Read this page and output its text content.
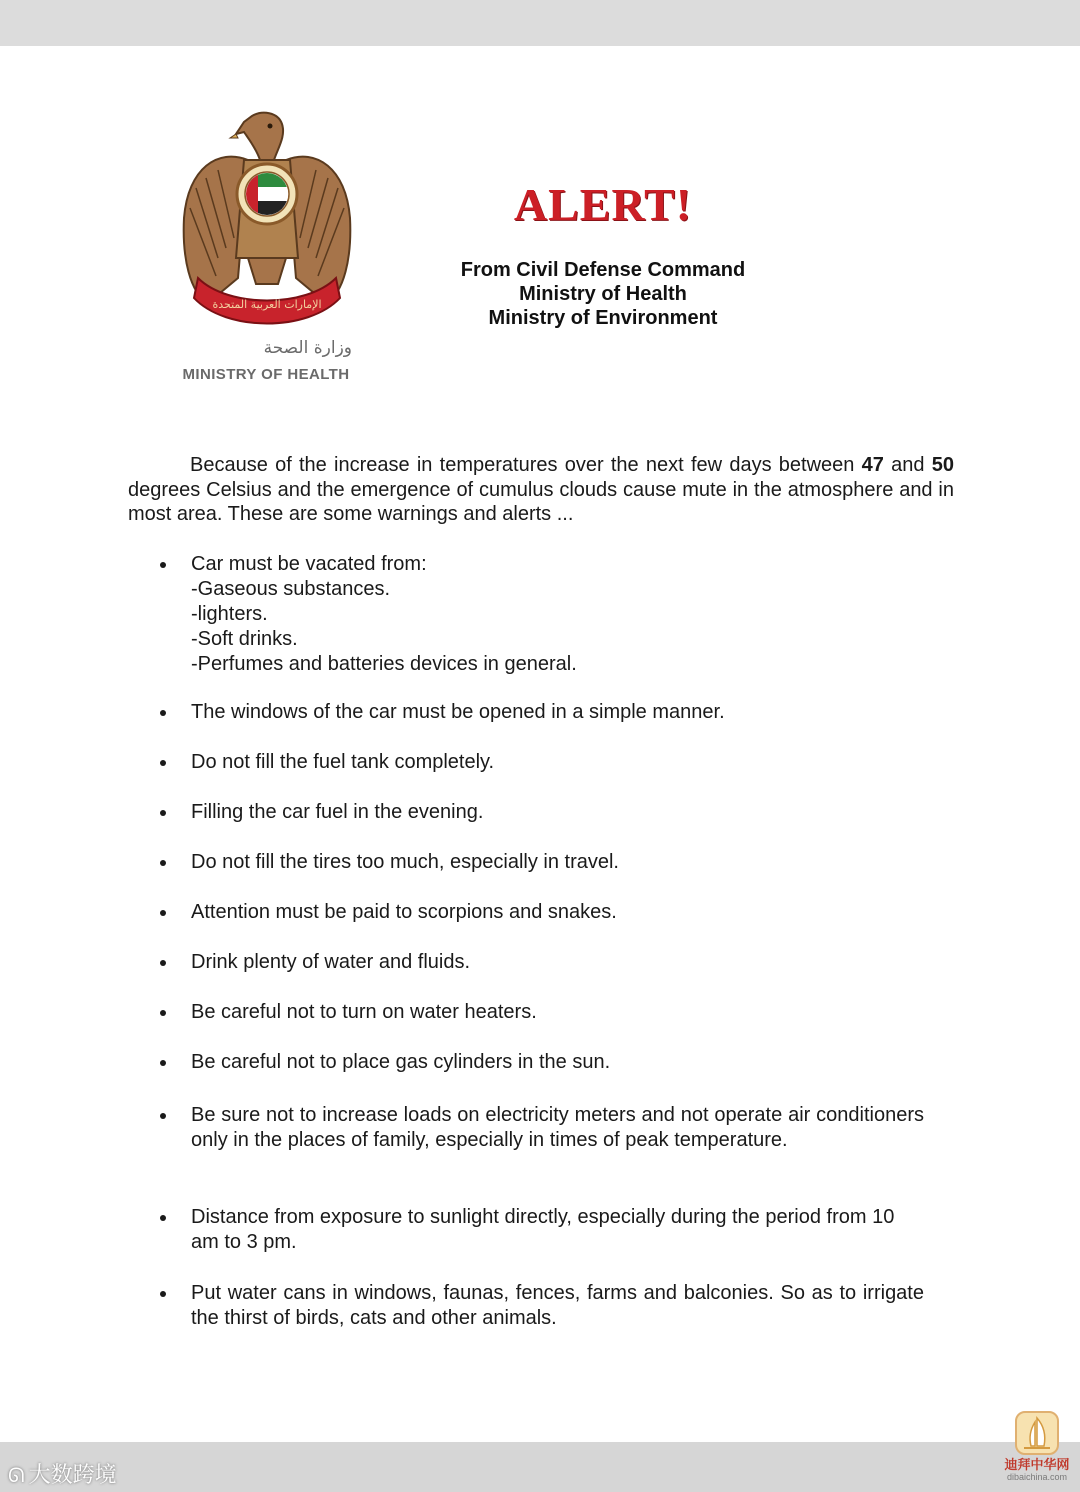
الإمارات العربية المتحدة
وزارة الصحة
MINISTRY OF HEALTH
ALERT!
From Civil Defense Command
Ministry of Health
Ministry of Environment
Because of the increase in temperatures over the next few days between 47 and 50 degrees Celsius and the emergence of cumulus clouds cause mute in the atmosphere and in most area. These are some warnings and alerts ...
Car must be vacated from:
-Gaseous substances.
-lighters.
-Soft drinks.
-Perfumes and batteries devices in general.
The windows of the car must be opened in a simple manner.
Do not fill the fuel tank completely.
Filling the car fuel in the evening.
Do not fill the tires too much, especially in travel.
Attention must be paid to scorpions and snakes.
Drink plenty of water and fluids.
Be careful not to turn on water heaters.
Be careful not to place gas cylinders in the sun.
Be sure not to increase loads on electricity meters and not operate air conditioners only in the places of family, especially in times of peak temperature.
Distance from exposure to sunlight directly, especially during the period from 10 am to 3 pm.
Put water cans in windows, faunas, fences, farms and balconies. So as to irrigate the thirst of birds, cats and other animals.
ᘏ 大数跨境	迪拜中华网
dibaichina.com
